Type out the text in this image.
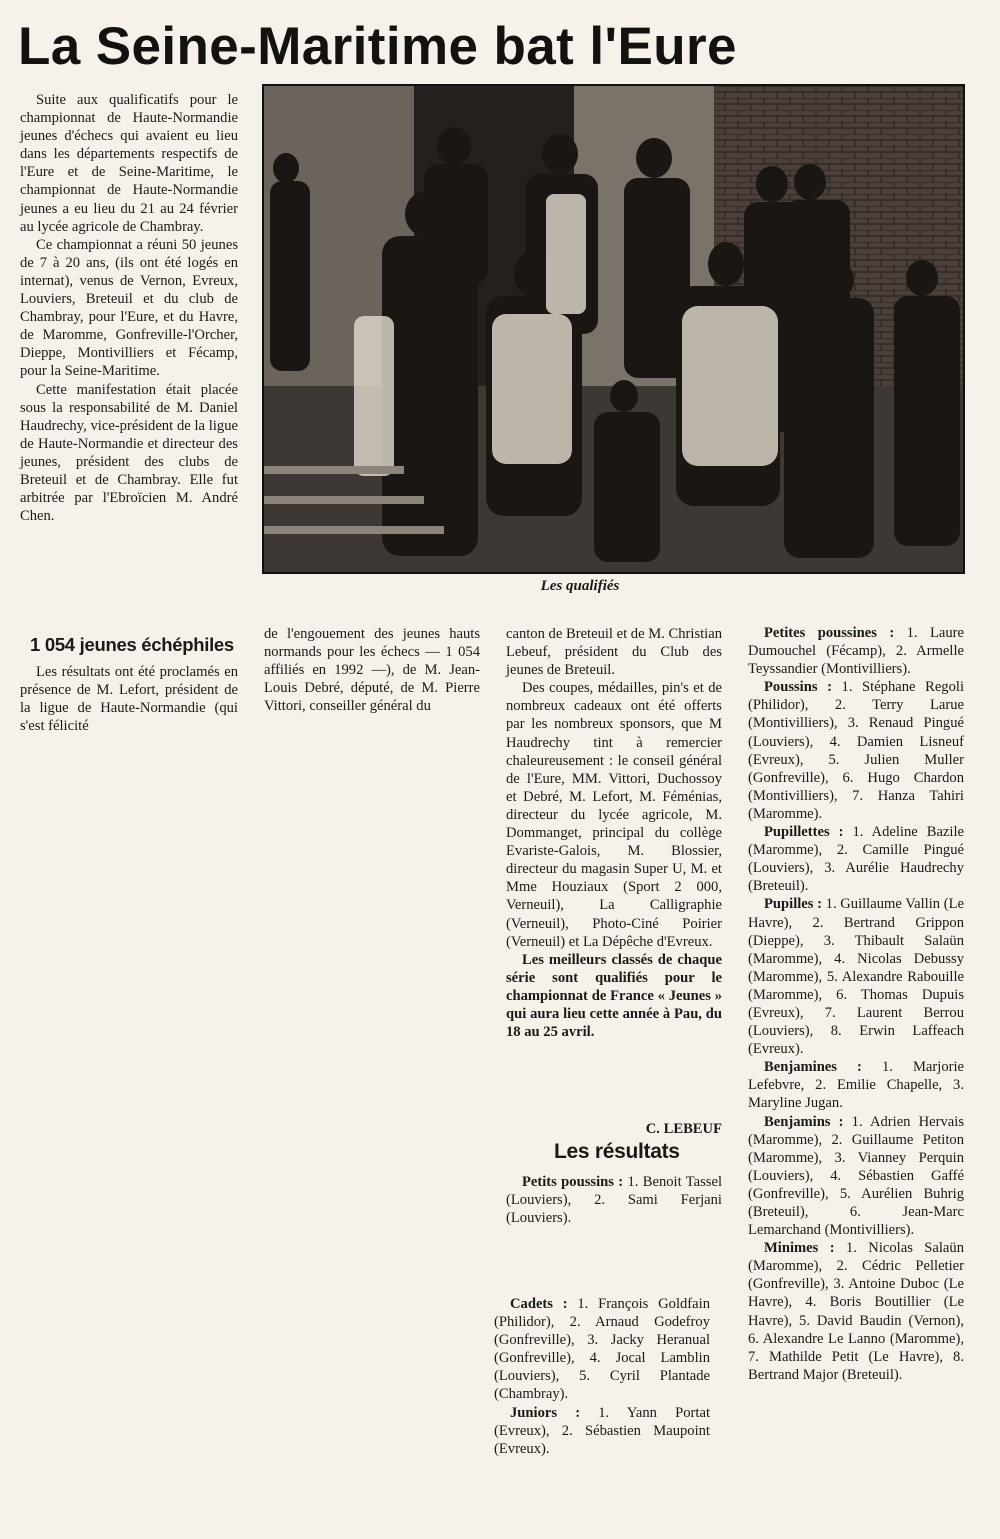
La Seine-Maritime bat l'Eure

Suite aux qualificatifs pour le championnat de Haute-Normandie jeunes d'échecs qui avaient eu lieu dans les départements respectifs de l'Eure et de Seine-Maritime, le championnat de Haute-Normandie jeunes a eu lieu du 21 au 24 février au lycée agricole de Chambray.

Ce championnat a réuni 50 jeunes de 7 à 20 ans, (ils ont été logés en internat), venus de Vernon, Evreux, Louviers, Breteuil et du club de Chambray, pour l'Eure, et du Havre, de Maromme, Gonfreville-l'Orcher, Dieppe, Montivilliers et Fécamp, pour la Seine-Maritime.

Cette manifestation était placée sous la responsabilité de M. Daniel Haudrechy, vice-président de la ligue de Haute-Normandie et directeur des jeunes, président des clubs de Breteuil et de Chambray. Elle fut arbitrée par l'Ebroïcien M. André Chen.

1 054 jeunes échéphiles

Les résultats ont été proclamés en présence de M. Lefort, président de la ligue de Haute-Normandie (qui s'est félicité

Les qualifiés

de l'engouement des jeunes hauts normands pour les échecs — 1 054 affiliés en 1992 —), de M. Jean-Louis Debré, député, de M. Pierre Vittori, conseiller général du

canton de Breteuil et de M. Christian Lebeuf, président du Club des jeunes de Breteuil.

Des coupes, médailles, pin's et de nombreux cadeaux ont été offerts par les nombreux sponsors, que M Haudrechy tint à remercier chaleureusement : le conseil général de l'Eure, MM. Vittori, Duchossoy et Debré, M. Lefort, M. Féménias, directeur du lycée agricole, M. Dommanget, principal du collège Evariste-Galois, M. Blossier, directeur du magasin Super U, M. et Mme Houziaux (Sport 2 000, Verneuil), La Calligraphie (Verneuil), Photo-Ciné Poirier (Verneuil) et La Dépêche d'Evreux.

Les meilleurs classés de chaque série sont qualifiés pour le championnat de France « Jeunes » qui aura lieu cette année à Pau, du 18 au 25 avril.

C. LEBEUF
Les résultats

Petits poussins : 1. Benoit Tassel (Louviers), 2. Sami Ferjani (Louviers).

Cadets : 1. François Goldfain (Philidor), 2. Arnaud Godefroy (Gonfreville), 3. Jacky Heranual (Gonfreville), 4. Jocal Lamblin (Louviers), 5. Cyril Plantade (Chambray).

Juniors : 1. Yann Portat (Evreux), 2. Sébastien Maupoint (Evreux).

Petites poussines : 1. Laure Dumouchel (Fécamp), 2. Armelle Teyssandier (Montivilliers).

Poussins : 1. Stéphane Regoli (Philidor), 2. Terry Larue (Montivilliers), 3. Renaud Pingué (Louviers), 4. Damien Lisneuf (Evreux), 5. Julien Muller (Gonfreville), 6. Hugo Chardon (Montivilliers), 7. Hanza Tahiri (Maromme).

Pupillettes : 1. Adeline Bazile (Maromme), 2. Camille Pingué (Louviers), 3. Aurélie Haudrechy (Breteuil).

Pupilles : 1. Guillaume Vallin (Le Havre), 2. Bertrand Grippon (Dieppe), 3. Thibault Salaün (Maromme), 4. Nicolas Debussy (Maromme), 5. Alexandre Rabouille (Maromme), 6. Thomas Dupuis (Evreux), 7. Laurent Berrou (Louviers), 8. Erwin Laffeach (Evreux).

Benjamines : 1. Marjorie Lefebvre, 2. Emilie Chapelle, 3. Maryline Jugan.

Benjamins : 1. Adrien Hervais (Maromme), 2. Guillaume Petiton (Maromme), 3. Vianney Perquin (Louviers), 4. Sébastien Gaffé (Gonfreville), 5. Aurélien Buhrig (Breteuil), 6. Jean-Marc Lemarchand (Montivilliers).

Minimes : 1. Nicolas Salaün (Maromme), 2. Cédric Pelletier (Gonfreville), 3. Antoine Duboc (Le Havre), 4. Boris Boutillier (Le Havre), 5. David Baudin (Vernon), 6. Alexandre Le Lanno (Maromme), 7. Mathilde Petit (Le Havre), 8. Bertrand Major (Breteuil).
